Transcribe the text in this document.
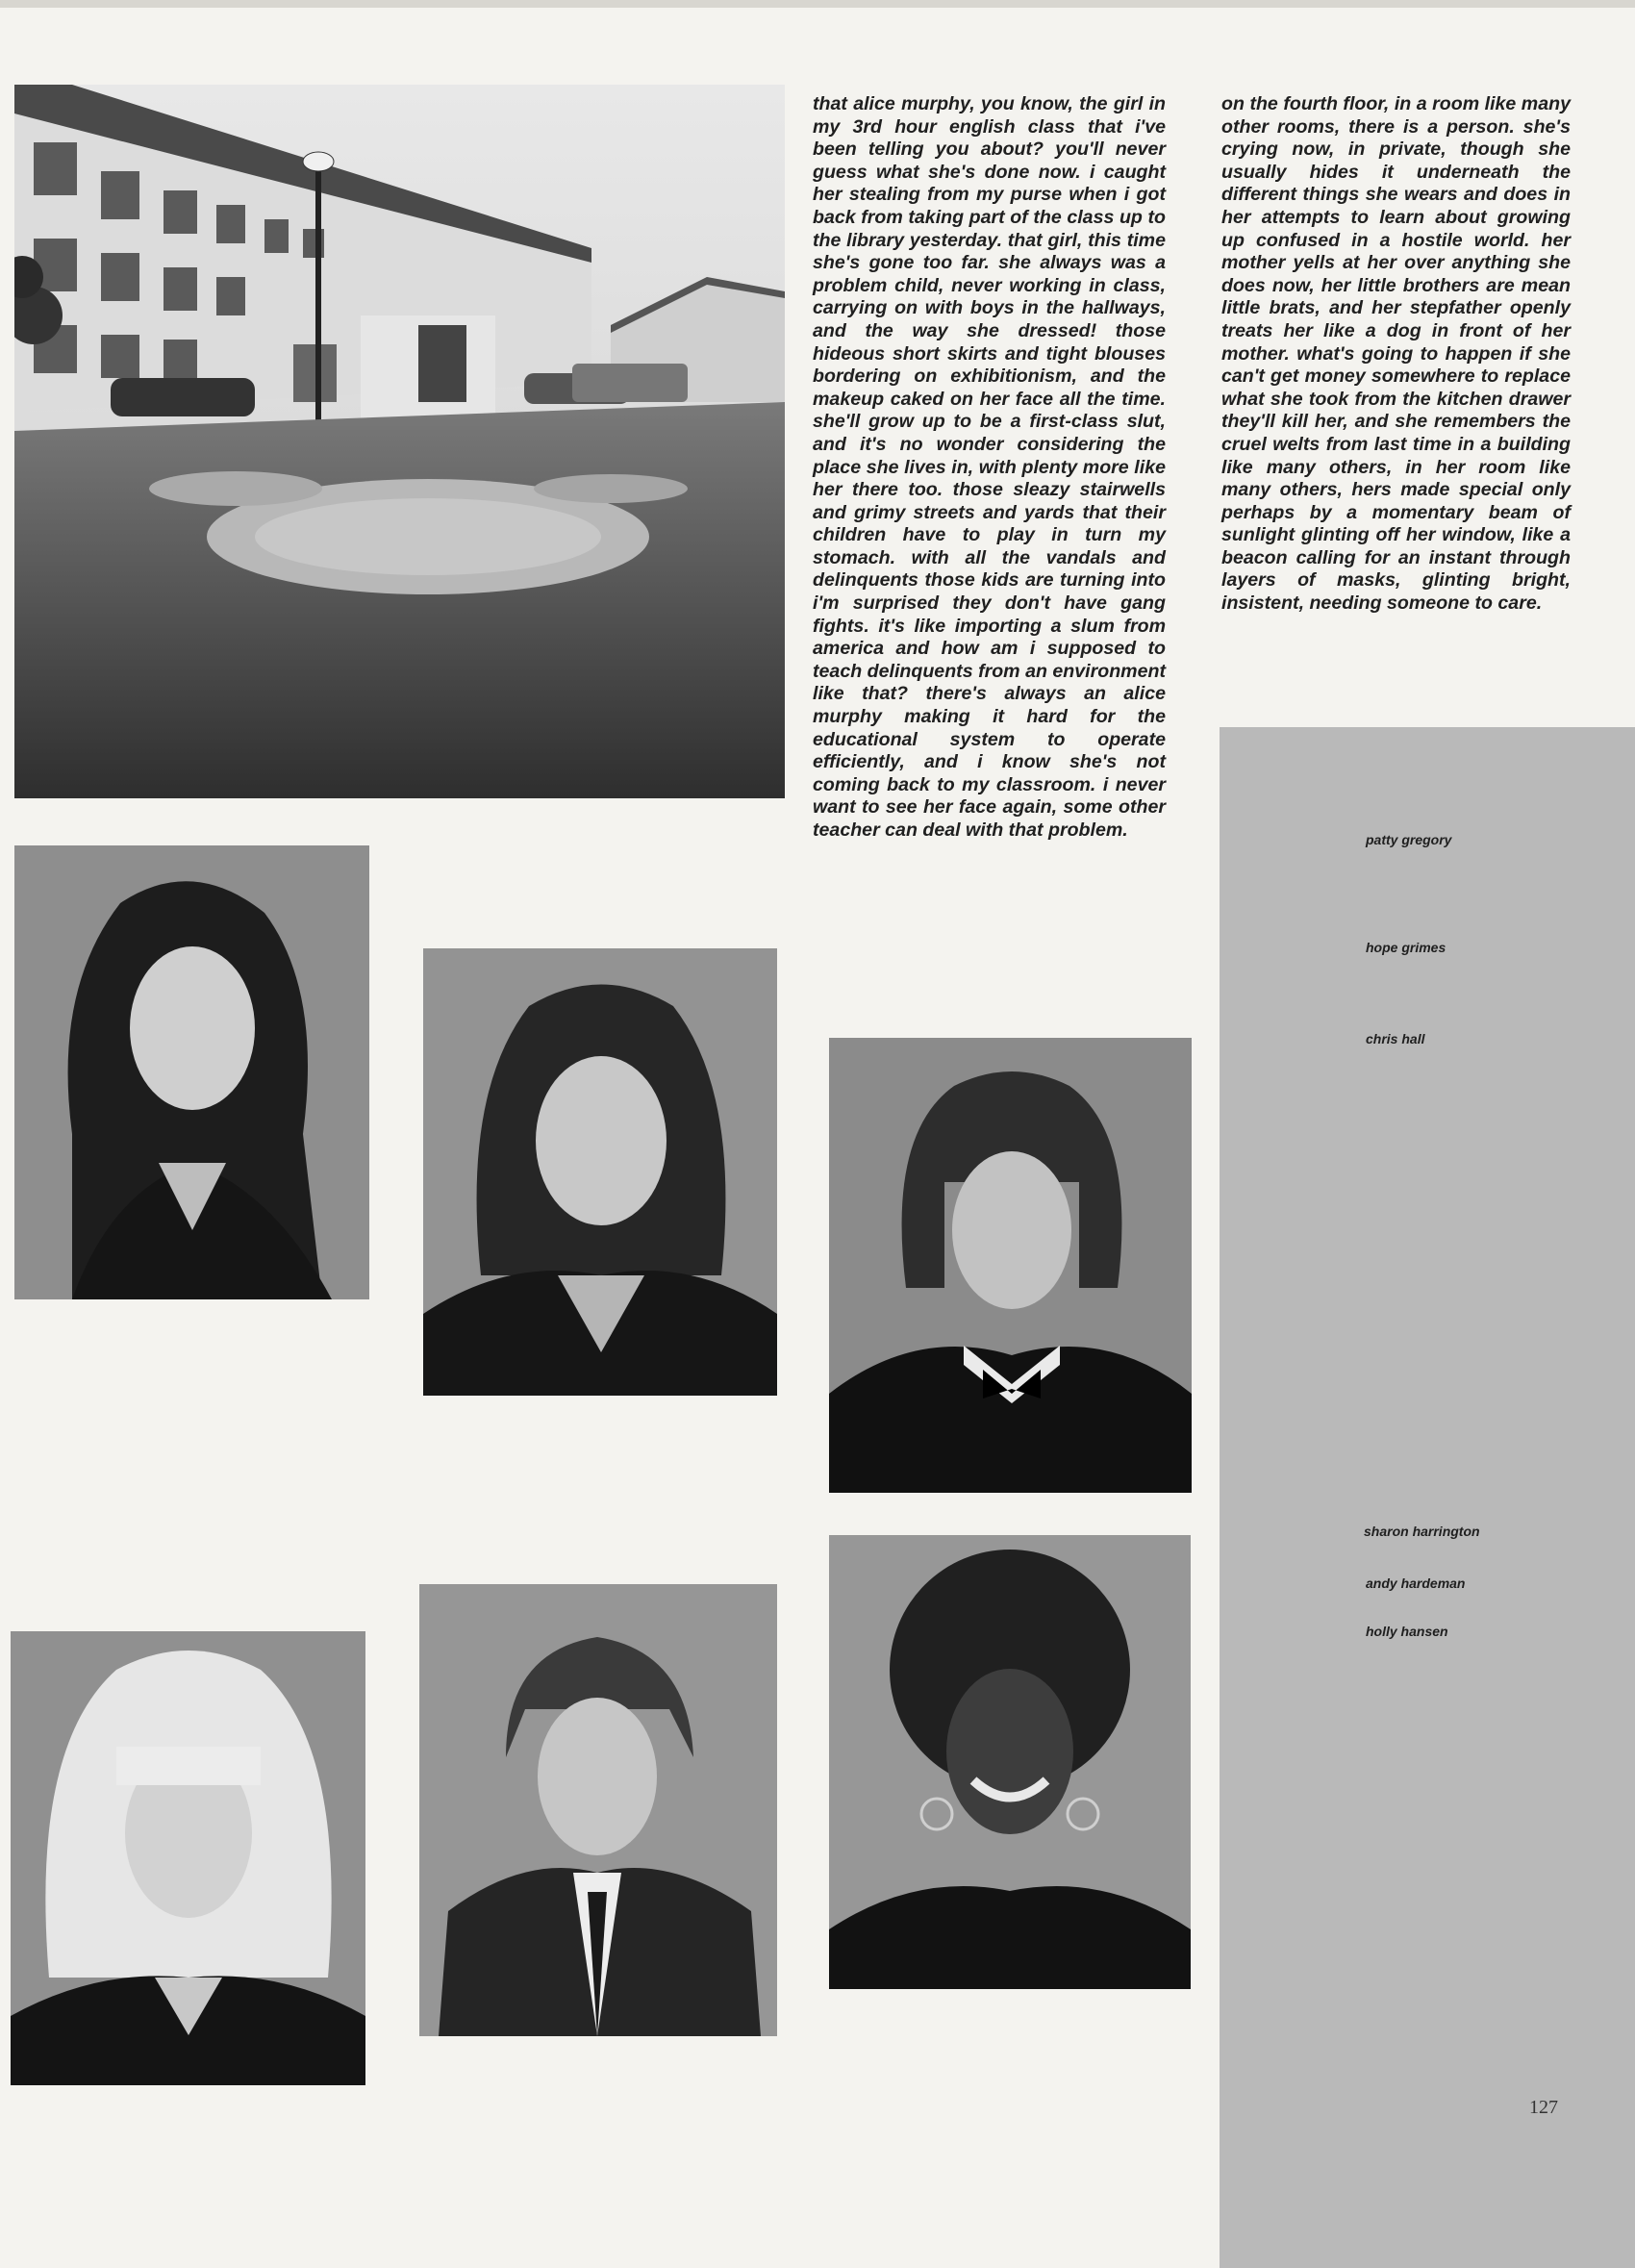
that alice murphy, you know, the girl in my 3rd hour english class that i've been telling you about? you'll never guess what she's done now. i caught her stealing from my purse when i got back from taking part of the class up to the library yesterday. that girl, this time she's gone too far. she always was a problem child, never working in class, carrying on with boys in the hallways, and the way she dressed! those hideous short skirts and tight blouses bordering on exhibitionism, and the makeup caked on her face all the time. she'll grow up to be a first-class slut, and it's no wonder considering the place she lives in, with plenty more like her there too. those sleazy stairwells and grimy streets and yards that their children have to play in turn my stomach. with all the vandals and delinquents those kids are turning into i'm surprised they don't have gang fights. it's like importing a slum from america and how am i supposed to teach delinquents from an environment like that? there's always an alice murphy making it hard for the educational system to operate efficiently, and i know she's not coming back to my classroom. i never want to see her face again, some other teacher can deal with that problem.

on the fourth floor, in a room like many other rooms, there is a person. she's crying now, in private, though she usually hides it underneath the different things she wears and does in her attempts to learn about growing up confused in a hostile world. her mother yells at her over anything she does now, her little brothers are mean little brats, and her stepfather openly treats her like a dog in front of her mother. what's going to happen if she can't get money somewhere to replace what she took from the kitchen drawer they'll kill her, and she remembers the cruel welts from last time in a building like many others, in her room like many others, hers made special only perhaps by a momentary beam of sunlight glinting off her window, like a beacon calling for an instant through layers of masks, glinting bright, insistent, needing someone to care.

patty gregory

hope grimes

chris hall

sharon harrington

andy hardeman

holly hansen

127
